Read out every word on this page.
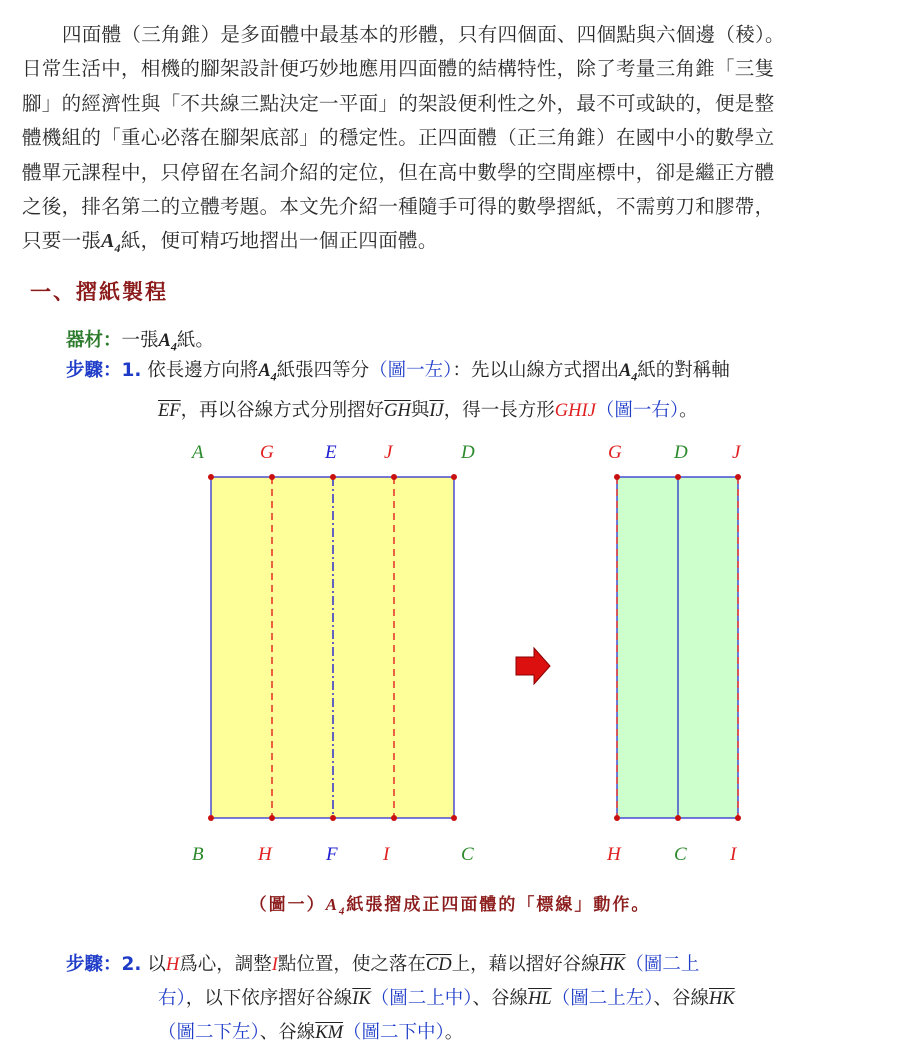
四面體（三角錐）是多面體中最基本的形體，只有四個面、四個點與六個邊（稜）。
日常生活中，相機的腳架設計便巧妙地應用四面體的結構特性，除了考量三角錐「三隻
腳」的經濟性與「不共線三點決定一平面」的架設便利性之外，最不可或缺的，便是整
體機組的「重心必落在腳架底部」的穩定性。正四面體（正三角錐）在國中小的數學立
體單元課程中，只停留在名詞介紹的定位，但在高中數學的空間座標中，卻是繼正方體
之後，排名第二的立體考題。本文先介紹一種隨手可得的數學摺紙，不需剪刀和膠帶，
只要一張$A_4$紙，便可精巧地摺出一個正四面體。
一、摺紙製程
器材：一張$A_4$紙。
步驟：1. 依長邊方向將$A_4$紙張四等分（圖一左）：先以山線方式摺出$A_4$紙的對稱軸
$\overline{EF}$，再以谷線方式分別摺好$\overline{GH}$與$\overline{IJ}$，得一長方形GHIJ（圖一右）。
A	G	E J	D
B	H	F I	C
G	D J
H	C I
（圖一）$A_4$紙張摺成正四面體的「標線」動作。
步驟：2. 以H爲心，調整I點位置，使之落在$\overline{CD}$上，藉以摺好谷線$\overline{HK}$（圖二上
右），以下依序摺好谷線$\overline{IK}$（圖二上中）、谷線$\overline{HL}$（圖二上左）、谷線$\overline{HK}$
（圖二下左）、谷線$\overline{KM}$（圖二下中）。
